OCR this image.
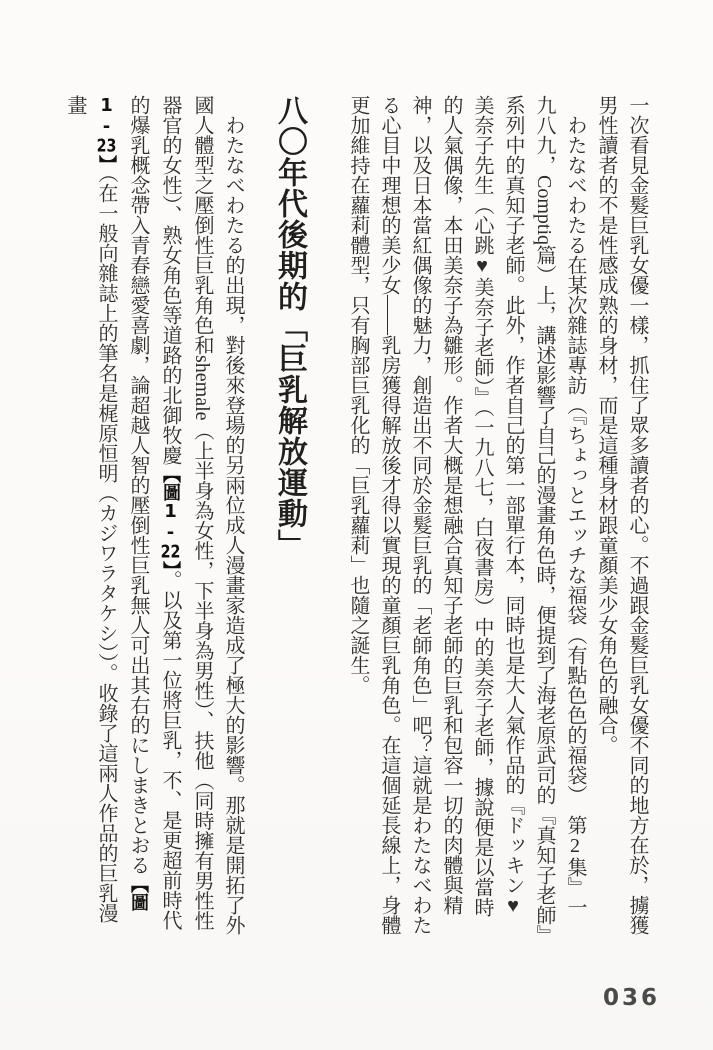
一次看見金髮巨乳女優一樣，抓住了眾多讀者的心。不過跟金髮巨乳女優不同的地方在於，擄獲男性讀者的不是性感成熟的身材，而是這種身材跟童顏美少女角色的融合。

わたなべわたる在某次雜誌專訪（『ちょっとエッチな福袋（有點色色的福袋）　第2集』一九八九，Comptiq篇）上，講述影響了自己的漫畫角色時，便提到了海老原武司的『真知子老師』系列中的真知子老師。此外，作者自己的第一部單行本，同時也是大人氣作品的『ドッキン♥美奈子先生（心跳♥美奈子老師）』（一九八七，白夜書房）中的美奈子老師，據說便是以當時的人氣偶像，本田美奈子為雛形。作者大概是想融合真知子老師的巨乳和包容一切的肉體與精神，以及日本當紅偶像的魅力，創造出不同於金髮巨乳的「老師角色」吧？這就是わたなべわたる心目中理想的美少女——乳房獲得解放後才得以實現的童顏巨乳角色。在這個延長線上，身體更加維持在蘿莉體型，只有胸部巨乳化的「巨乳蘿莉」也隨之誕生。

八〇年代後期的「巨乳解放運動」

わたなべわたる的出現，對後來登場的另兩位成人漫畫家造成了極大的影響。那就是開拓了外國人體型之壓倒性巨乳角色和shemale（上半身為女性，下半身為男性）、扶他（同時擁有男性性器官的女性）、熟女角色等道路的北御牧慶【圖1-22】。以及第一位將巨乳，不、是更超前時代的爆乳概念帶入青春戀愛喜劇，論超越人智的壓倒性巨乳無人可出其右的にしまきとおる【圖1-23】（在一般向雜誌上的筆名是梶原恒明（カジワラタケシ））。收錄了這兩人作品的巨乳漫畫

036
